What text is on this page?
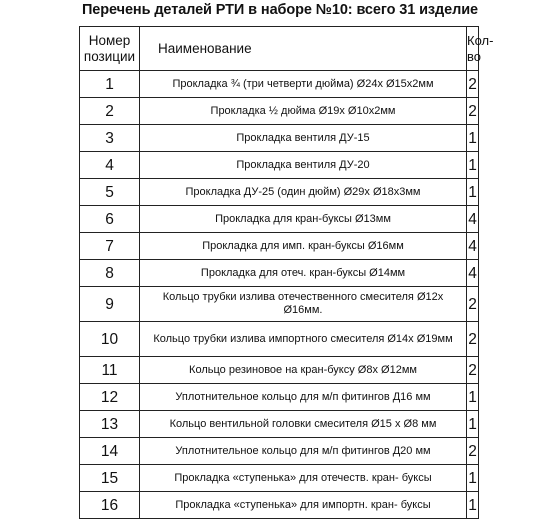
Перечень деталей РТИ в наборе №10: всего 31 изделие
Номер позиции	Наименование	Кол-во
1	Прокладка ¾ (три четверти дюйма) Ø24х Ø15х2мм	2
2	Прокладка ½ дюйма Ø19х Ø10х2мм	2
3	Прокладка вентиля ДУ-15	1
4	Прокладка вентиля ДУ-20	1
5	Прокладка ДУ-25 (один дюйм) Ø29х Ø18х3мм	1
6	Прокладка для кран-буксы Ø13мм	4
7	Прокладка для имп. кран-буксы Ø16мм	4
8	Прокладка для отеч. кран-буксы Ø14мм	4
9	Кольцо трубки излива отечественного смесителя Ø12х Ø16мм.	2
10	Кольцо трубки излива импортного смесителя Ø14х Ø19мм	2
11	Кольцо резиновое на кран-буксу Ø8х Ø12мм	2
12	Уплотнительное кольцо для м/п фитингов Д16 мм	1
13	Кольцо вентильной головки смесителя Ø15 х Ø8 мм	1
14	Уплотнительное кольцо для м/п фитингов Д20 мм	2
15	Прокладка «ступенька» для отечеств. кран- буксы	1
16	Прокладка «ступенька» для импортн. кран- буксы	1
